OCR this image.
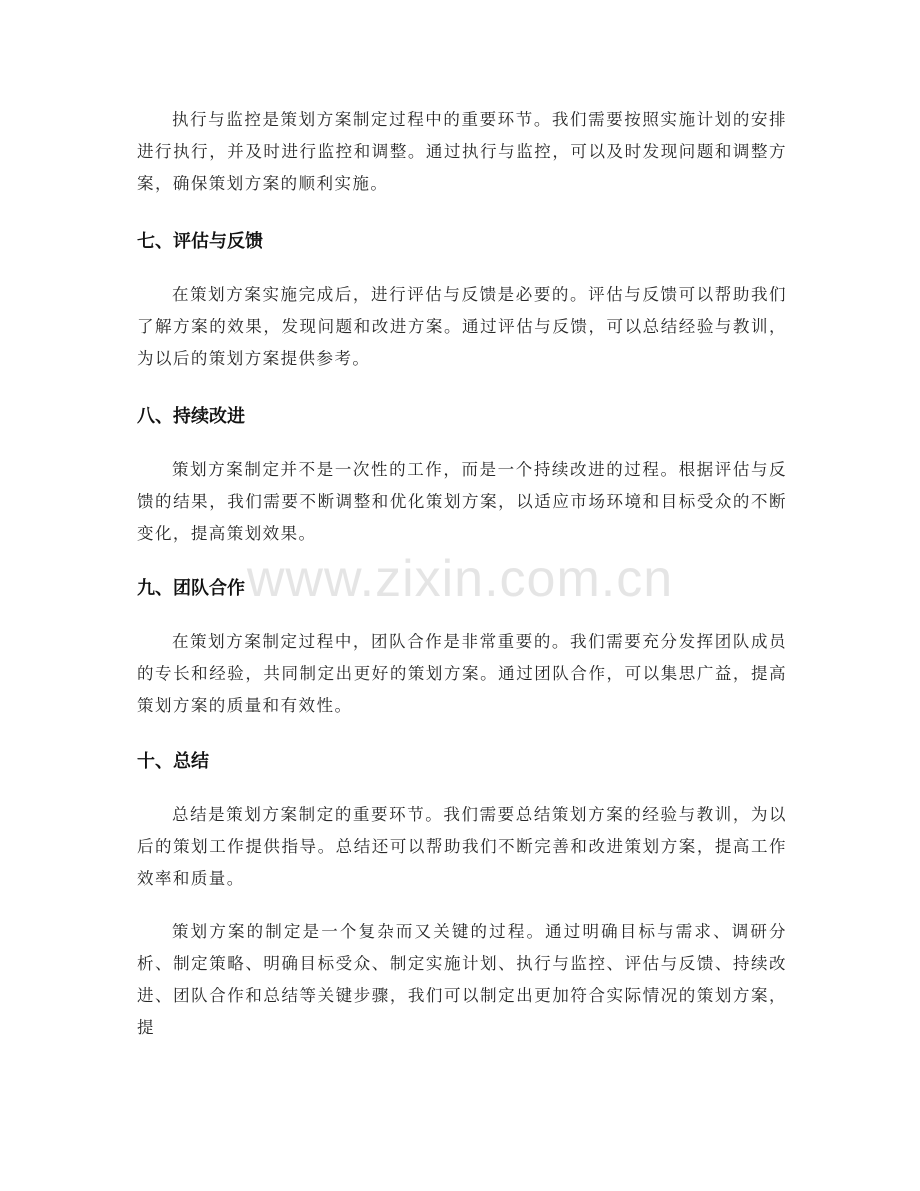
执行与监控是策划方案制定过程中的重要环节。我们需要按照实施计划的安排进行执行，并及时进行监控和调整。通过执行与监控，可以及时发现问题和调整方案，确保策划方案的顺利实施。

七、评估与反馈

在策划方案实施完成后，进行评估与反馈是必要的。评估与反馈可以帮助我们了解方案的效果，发现问题和改进方案。通过评估与反馈，可以总结经验与教训，为以后的策划方案提供参考。

八、持续改进

策划方案制定并不是一次性的工作，而是一个持续改进的过程。根据评估与反馈的结果，我们需要不断调整和优化策划方案，以适应市场环境和目标受众的不断变化，提高策划效果。

九、团队合作

在策划方案制定过程中，团队合作是非常重要的。我们需要充分发挥团队成员的专长和经验，共同制定出更好的策划方案。通过团队合作，可以集思广益，提高策划方案的质量和有效性。

十、总结

总结是策划方案制定的重要环节。我们需要总结策划方案的经验与教训，为以后的策划工作提供指导。总结还可以帮助我们不断完善和改进策划方案，提高工作效率和质量。

策划方案的制定是一个复杂而又关键的过程。通过明确目标与需求、调研分析、制定策略、明确目标受众、制定实施计划、执行与监控、评估与反馈、持续改进、团队合作和总结等关键步骤，我们可以制定出更加符合实际情况的策划方案，提

www.zixin.com.cn
